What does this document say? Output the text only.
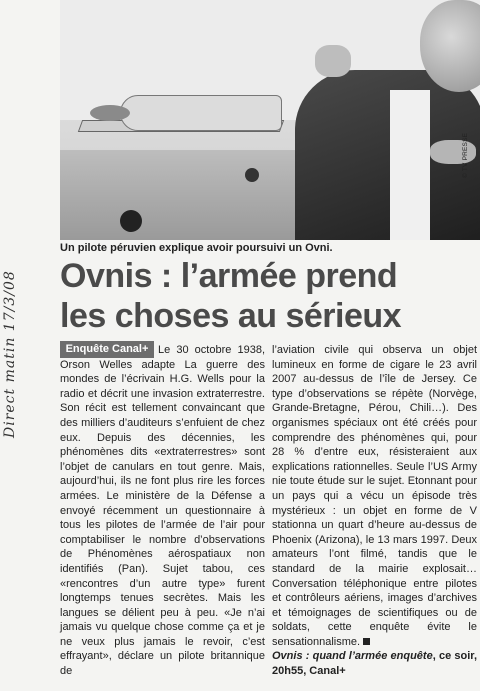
© TV PRESSE
Un pilote péruvien explique avoir poursuivi un Ovni.
Direct matin 17/3/08 Ovnis : l’armée prend
les choses au sérieux
Enquête Canal+ Le 30 octobre 1938, Orson Welles adapte La guerre des mondes de l’écrivain H.G. Wells pour la radio et décrit une invasion extraterrestre. Son récit est tellement convaincant que des milliers d’auditeurs s’enfuient de chez eux. Depuis des décennies, les phénomènes dits «extraterrestres» sont l’objet de canulars en tout genre. Mais, aujourd’hui, ils ne font plus rire les forces armées. Le ministère de la Défense a envoyé récemment un questionnaire à tous les pilotes de l’armée de l’air pour comptabiliser le nombre d’observations de Phénomènes aérospatiaux non identifiés (Pan). Sujet tabou, ces «rencontres d’un autre type» furent longtemps tenues secrètes. Mais les langues se délient peu à peu. «Je n’ai jamais vu quelque chose comme ça et je ne veux plus jamais le revoir, c’est effrayant», déclare un pilote britannique de

l’aviation civile qui observa un objet lumineux en forme de cigare le 23 avril 2007 au-dessus de l’île de Jersey. Ce type d’observations se répète (Norvège, Grande-Bretagne, Pérou, Chili…). Des organismes spéciaux ont été créés pour comprendre des phénomènes qui, pour 28 % d’entre eux, résisteraient aux explications rationnelles. Seule l’US Army nie toute étude sur le sujet. Etonnant pour un pays qui a vécu un épisode très mystérieux : un objet en forme de V stationna un quart d’heure au-dessus de Phoenix (Arizona), le 13 mars 1997. Deux amateurs l’ont filmé, tandis que le standard de la mairie explosait… Conversation téléphonique entre pilotes et contrôleurs aériens, images d’archives et témoignages de scientifiques ou de soldats, cette enquête évite le sensationnalisme.

Ovnis : quand l’armée enquête, ce soir, 20h55, Canal+
